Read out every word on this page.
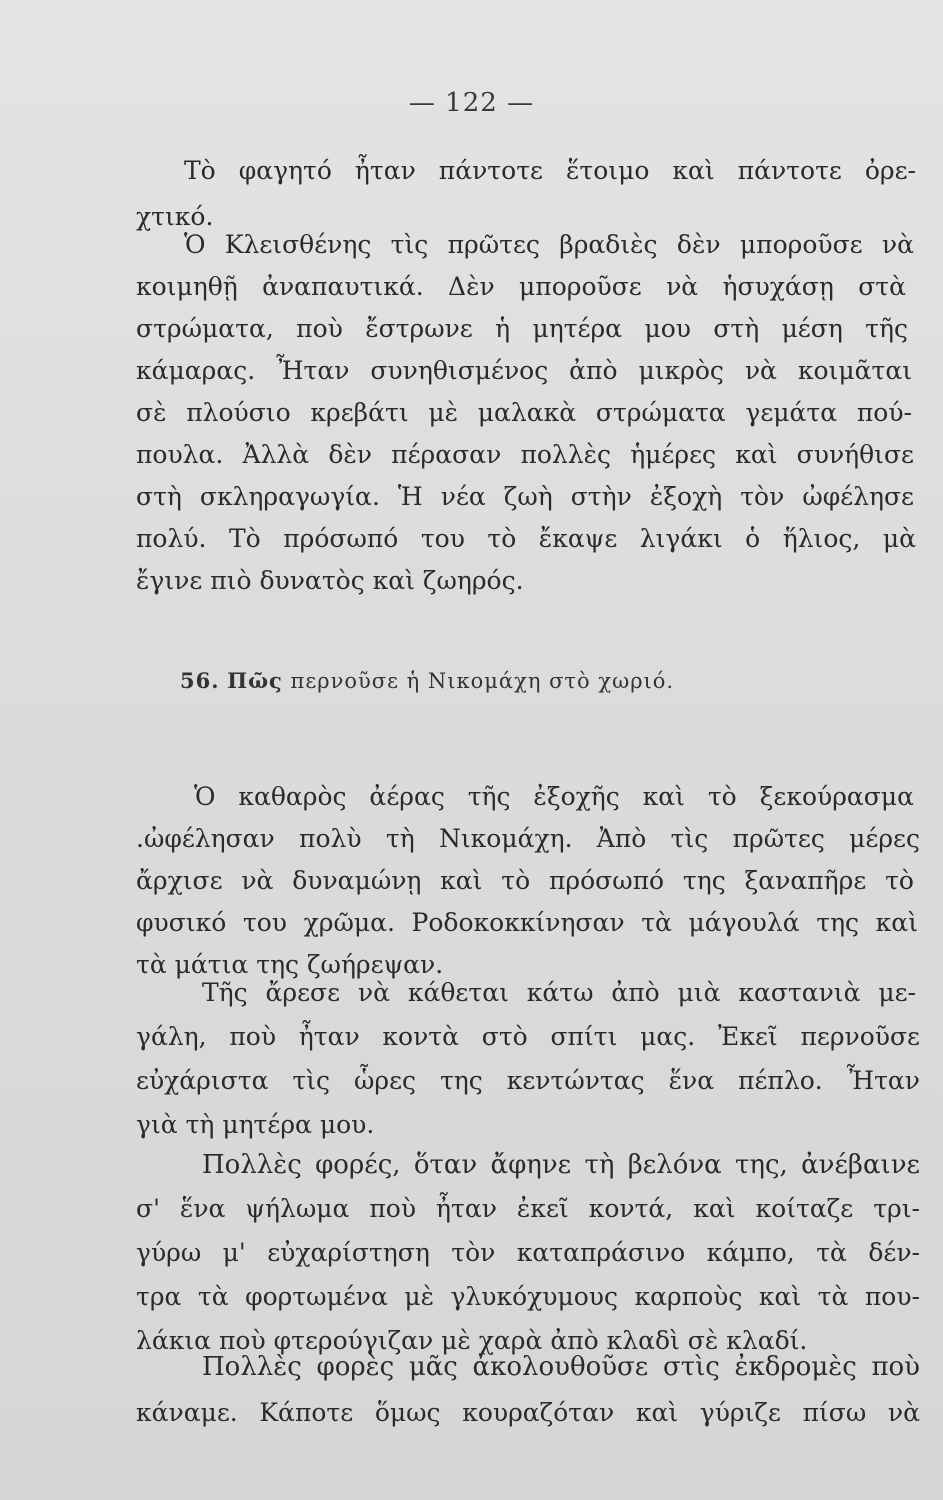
— 122 —
Τὸ φαγητό ἦταν πάντοτε ἕτοιμο καὶ πάντοτε ὀρε-
χτικό.
Ὁ Κλεισθένης τὶς πρῶτες βραδιὲς δὲν μποροῦσε νὰ
κοιμηθῇ ἀναπαυτικά. Δὲν μποροῦσε νὰ ἡσυχάσῃ στὰ
στρώματα, ποὺ ἔστρωνε ἡ μητέρα μου στὴ μέση τῆς
κάμαρας. Ἦταν συνηθισμένος ἀπὸ μικρὸς νὰ κοιμᾶται
σὲ πλούσιο κρεβάτι μὲ μαλακὰ στρώματα γεμάτα πού-
πουλα. Ἀλλὰ δὲν πέρασαν πολλὲς ἡμέρες καὶ συνήθισε
στὴ σκληραγωγία. Ἡ νέα ζωὴ στὴν ἐξοχὴ τὸν ὠφέλησε
πολύ. Τὸ πρόσωπό του τὸ ἔκαψε λιγάκι ὁ ἥλιος, μὰ
ἔγινε πιὸ δυνατὸς καὶ ζωηρός.
56. Πῶς περνοῦσε ἡ Νικομάχη στὸ χωριό.
Ὁ καθαρὸς ἀέρας τῆς ἐξοχῆς καὶ τὸ ξεκούρασμα
.ὠφέλησαν πολὺ τὴ Νικομάχη. Ἀπὸ τὶς πρῶτες μέρες
ἄρχισε νὰ δυναμώνῃ καὶ τὸ πρόσωπό της ξαναπῆρε τὸ
φυσικό του χρῶμα. Ροδοκοκκίνησαν τὰ μάγουλά της καὶ
τὰ μάτια της ζωήρεψαν.
Τῆς ἄρεσε νὰ κάθεται κάτω ἀπὸ μιὰ καστανιὰ με-
γάλη, ποὺ ἦταν κοντὰ στὸ σπίτι μας. Ἐκεῖ περνοῦσε
εὐχάριστα τὶς ὧρες της κεντώντας ἕνα πέπλο. Ἦταν
γιὰ τὴ μητέρα μου.
Πολλὲς φορές, ὅταν ἄφηνε τὴ βελόνα της, ἀνέβαινε
σ' ἕνα ψήλωμα ποὺ ἦταν ἐκεῖ κοντά, καὶ κοίταζε τρι-
γύρω μ' εὐχαρίστηση τὸν καταπράσινο κάμπο, τὰ δέν-
τρα τὰ φορτωμένα μὲ γλυκόχυμους καρποὺς καὶ τὰ που-
λάκια ποὺ φτερούγιζαν μὲ χαρὰ ἀπὸ κλαδὶ σὲ κλαδί.
Πολλὲς φορὲς μᾶς ἀκολουθοῦσε στὶς ἐκδρομὲς ποὺ
κάναμε. Κάποτε ὅμως κουραζόταν καὶ γύριζε πίσω νὰ
